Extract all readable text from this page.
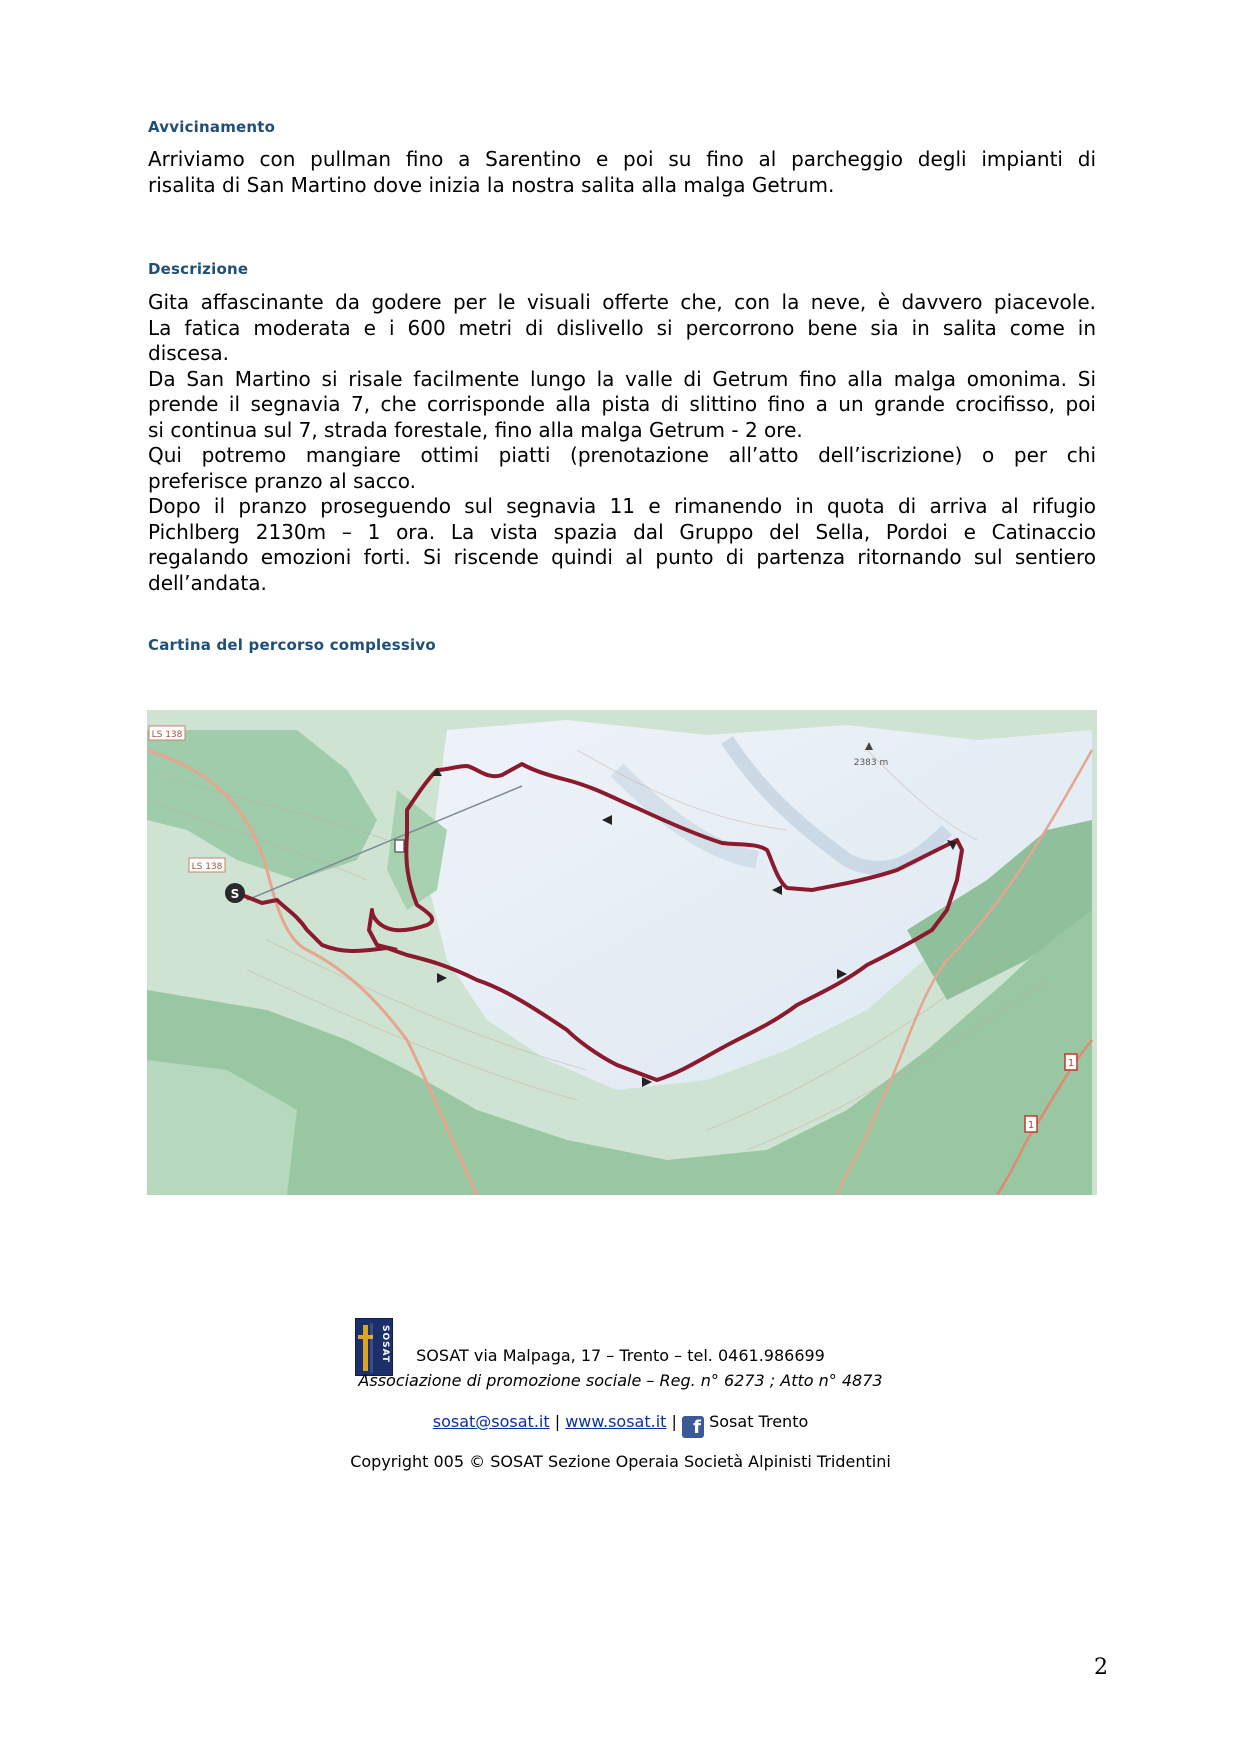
Avvicinamento
Arriviamo con pullman fino a Sarentino e poi su fino al parcheggio degli impianti di
risalita di San Martino dove inizia la nostra salita alla malga Getrum.
Descrizione
Gita affascinante da godere per le visuali offerte che, con la neve, è davvero piacevole.
La fatica moderata e i 600 metri di dislivello si percorrono bene sia in salita come in
discesa.
Da San Martino si risale facilmente lungo la valle di Getrum fino alla malga omonima. Si
prende il segnavia 7, che corrisponde alla pista di slittino fino a un grande crocifisso, poi
si continua sul 7, strada forestale, fino alla malga Getrum - 2 ore.
Qui potremo mangiare ottimi piatti (prenotazione all’atto dell’iscrizione) o per chi
preferisce pranzo al sacco.
Dopo il pranzo proseguendo sul segnavia 11 e rimanendo in quota di arriva al rifugio
Pichlberg 2130m – 1 ora. La vista spazia dal Gruppo del Sella, Pordoi e Catinaccio
regalando emozioni forti. Si riscende quindi al punto di partenza ritornando sul sentiero
dell’andata.
Cartina del percorso complessivo
S
LS 138
LS 138
2383 m
1
1
SOSAT	SOSAT via Malpaga, 17 – Trento – tel. 0461.986699
Associazione di promozione sociale – Reg. n° 6273 ; Atto n° 4873
sosat@sosat.it | www.sosat.it | f Sosat Trento
Copyright 005 © SOSAT Sezione Operaia Società Alpinisti Tridentini
2
